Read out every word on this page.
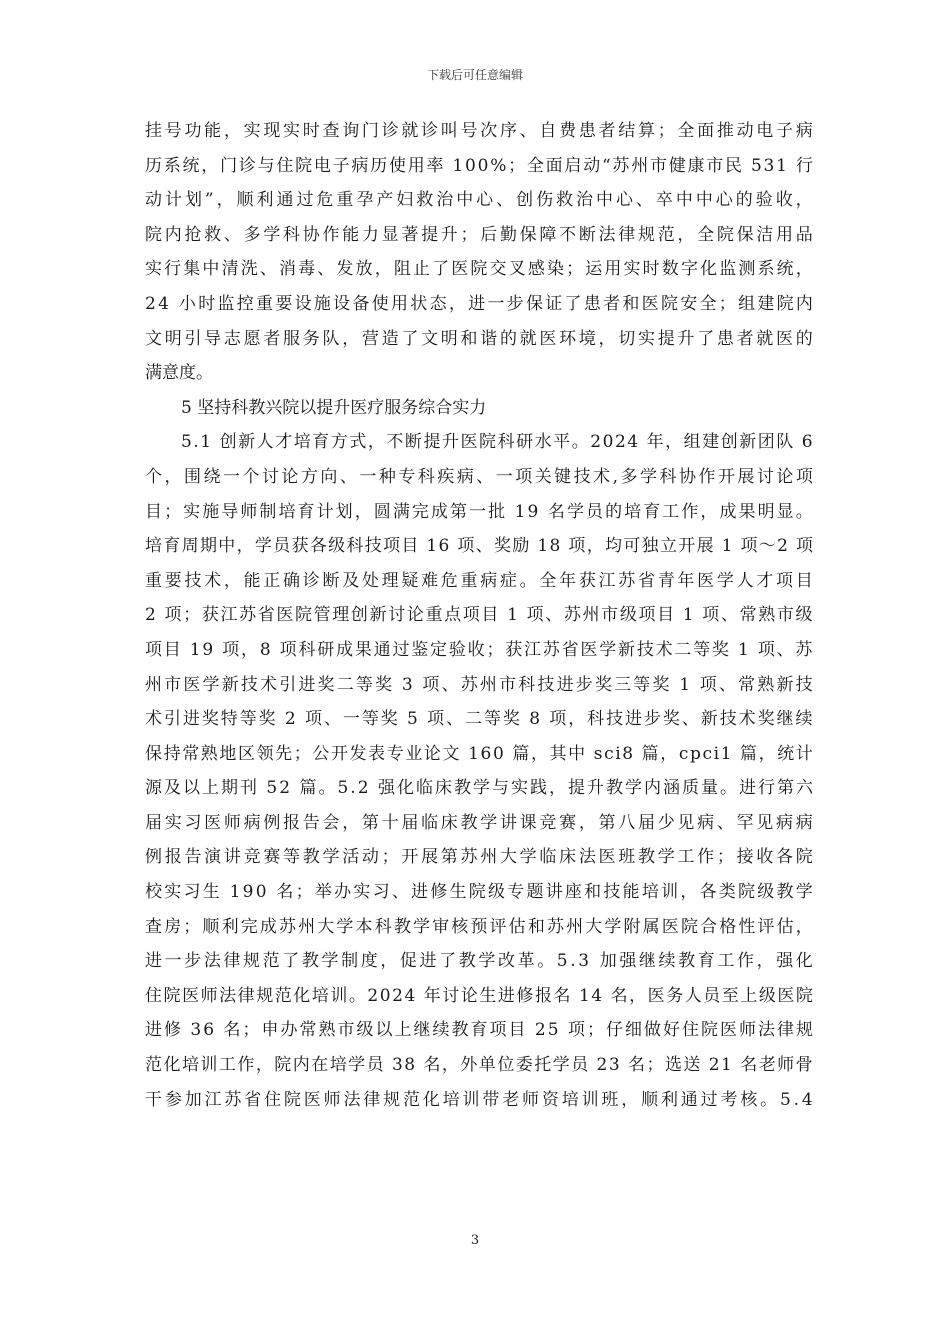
下载后可任意编辑
挂 号 功 能 ， 实 现 实 时 查 询 门 诊 就 诊 叫 号 次 序 、 自 费 患 者 结 算 ； 全 面 推 动 电 子 病
历 系 统 ， 门 诊 与 住 院 电 子 病 历 使 用 率
1 0 0 % ； 全 面 启 动 “ 苏 州 市 健 康 市 民
5 3 1
行
动 计 划 ” ， 顺 利 通 过 危 重 孕 产 妇 救 治 中 心 、 创 伤 救 治 中 心 、 卒 中 中 心 的 验 收 ，
院 内 抢 救 、 多 学 科 协 作 能 力 显 著 提 升 ； 后 勤 保 障 不 断 法 律 规 范 ， 全 院 保 洁 用 品
实 行 集 中 清 洗 、 消 毒 、 发 放 ， 阻 止 了 医 院 交 叉 感 染 ； 运 用 实 时 数 字 化 监 测 系 统 ，
2 4
小 时 监 控 重 要 设 施 设 备 使 用 状 态 ， 进 一 步 保 证 了 患 者 和 医 院 安 全 ； 组 建 院 内
文 明 引 导 志 愿 者 服 务 队 ， 营 造 了 文 明 和 谐 的 就 医 环 境 ， 切 实 提 升 了 患 者 就 医 的
满意度。
5 坚持科教兴院以提升医疗服务综合实力
5 . 1
创 新 人 才 培 育 方 式 ， 不 断 提 升 医 院 科 研 水 平 。 2 0 2 4
年 ， 组 建 创 新 团 队
6
个 ， 围 绕 一 个 讨 论 方 向 、 一 种 专 科 疾 病 、 一 项 关 键 技 术 , 多 学 科 协 作 开 展 讨 论 项
目 ； 实 施 导 师 制 培 育 计 划 ， 圆 满 完 成 第 一 批
1 9
名 学 员 的 培 育 工 作 ， 成 果 明 显 。
培 育 周 期 中 ， 学 员 获 各 级 科 技 项 目
1 6
项 、 奖 励
1 8
项 ， 均 可 独 立 开 展
1
项 ～ 2
项
重 要 技 术 ， 能 正 确 诊 断 及 处 理 疑 难 危 重 病 症 。 全 年 获 江 苏 省 青 年 医 学 人 才 项 目
2
项 ； 获 江 苏 省 医 院 管 理 创 新 讨 论 重 点 项 目
1
项 、 苏 州 市 级 项 目
1
项 、 常 熟 市 级
项 目
1 9
项 ， 8
项 科 研 成 果 通 过 鉴 定 验 收 ； 获 江 苏 省 医 学 新 技 术 二 等 奖
1
项 、 苏
州 市 医 学 新 技 术 引 进 奖 二 等 奖
3
项 、 苏 州 市 科 技 进 步 奖 三 等 奖
1
项 、 常 熟 新 技
术 引 进 奖 特 等 奖
2
项 、 一 等 奖
5
项 、 二 等 奖
8
项 ， 科 技 进 步 奖 、 新 技 术 奖 继 续
保 持 常 熟 地 区 领 先 ； 公 开 发 表 专 业 论 文
1 6 0
篇 ， 其 中
s c i 8
篇 ， c p c i 1
篇 ， 统 计
源 及 以 上 期 刊
5 2
篇 。 5 . 2
强 化 临 床 教 学 与 实 践 ， 提 升 教 学 内 涵 质 量 。 进 行 第 六
届 实 习 医 师 病 例 报 告 会 ， 第 十 届 临 床 教 学 讲 课 竞 赛 ， 第 八 届 少 见 病 、 罕 见 病 病
例 报 告 演 讲 竞 赛 等 教 学 活 动 ； 开 展 第 苏 州 大 学 临 床 法 医 班 教 学 工 作 ； 接 收 各 院
校 实 习 生
1 9 0
名 ； 举 办 实 习 、 进 修 生 院 级 专 题 讲 座 和 技 能 培 训 ， 各 类 院 级 教 学
查 房 ； 顺 利 完 成 苏 州 大 学 本 科 教 学 审 核 预 评 估 和 苏 州 大 学 附 属 医 院 合 格 性 评 估 ，
进 一 步 法 律 规 范 了 教 学 制 度 ， 促 进 了 教 学 改 革 。 5 . 3
加 强 继 续 教 育 工 作 ， 强 化
住 院 医 师 法 律 规 范 化 培 训 。 2 0 2 4
年 讨 论 生 进 修 报 名
1 4
名 ， 医 务 人 员 至 上 级 医 院
进 修
3 6
名 ； 申 办 常 熟 市 级 以 上 继 续 教 育 项 目
2 5
项 ； 仔 细 做 好 住 院 医 师 法 律 规
范 化 培 训 工 作 ， 院 内 在 培 学 员
3 8
名 ， 外 单 位 委 托 学 员
2 3
名 ； 选 送
2 1
名 老 师 骨
干 参 加 江 苏 省 住 院 医 师 法 律 规 范 化 培 训 带 老 师 资 培 训 班 ， 顺 利 通 过 考 核 。 5 . 4
3
